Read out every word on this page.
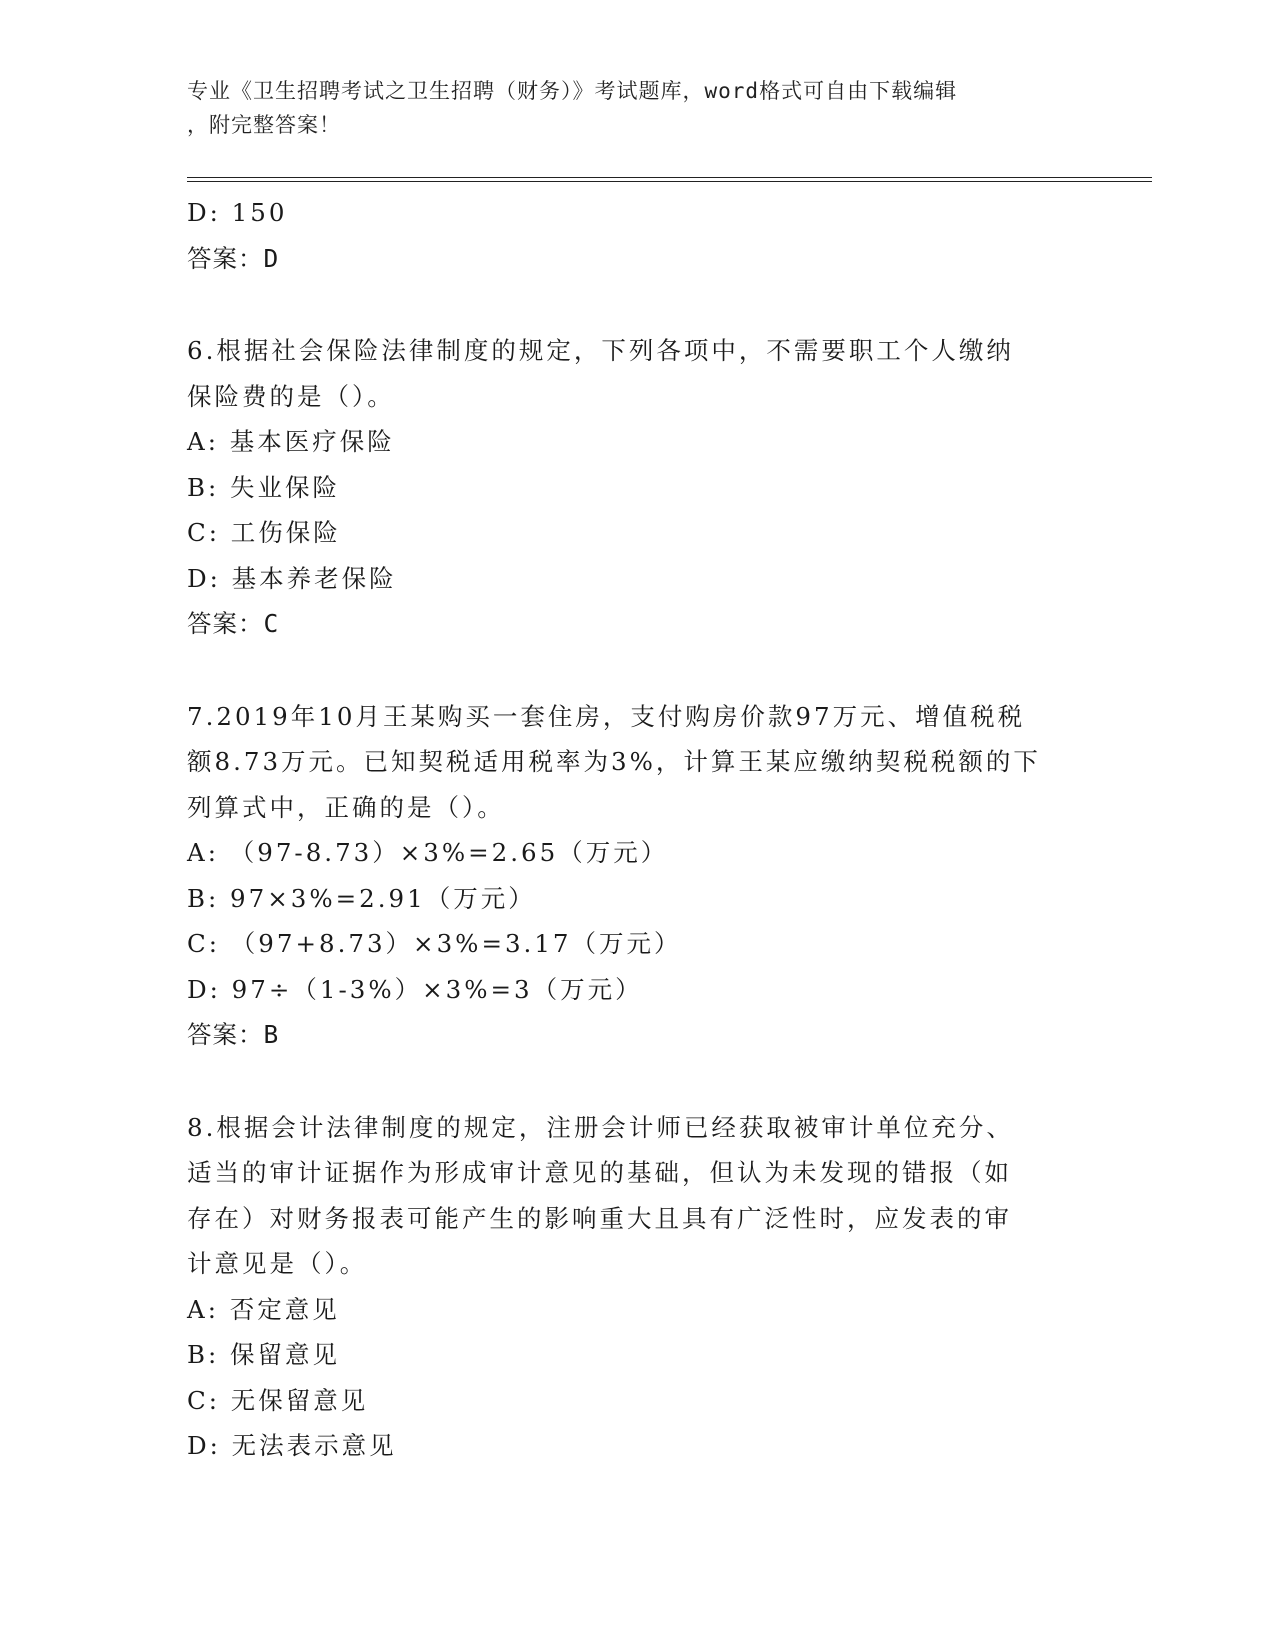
专业《卫生招聘考试之卫生招聘（财务）》考试题库，word格式可自由下载编辑
，附完整答案！
D: 150
答案：D
6.根据社会保险法律制度的规定，下列各项中，不需要职工个人缴纳
保险费的是（）。
A: 基本医疗保险
B: 失业保险
C: 工伤保险
D: 基本养老保险
答案：C
7.2019年10月王某购买一套住房，支付购房价款97万元、增值税税
额8.73万元。已知契税适用税率为3%，计算王某应缴纳契税税额的下
列算式中，正确的是（）。
A: （97-8.73）×3%=2.65（万元）
B: 97×3%=2.91（万元）
C: （97+8.73）×3%=3.17（万元）
D: 97÷（1-3%）×3%=3（万元）
答案：B
8.根据会计法律制度的规定，注册会计师已经获取被审计单位充分、
适当的审计证据作为形成审计意见的基础，但认为未发现的错报（如
存在）对财务报表可能产生的影响重大且具有广泛性时，应发表的审
计意见是（）。
A: 否定意见
B: 保留意见
C: 无保留意见
D: 无法表示意见
